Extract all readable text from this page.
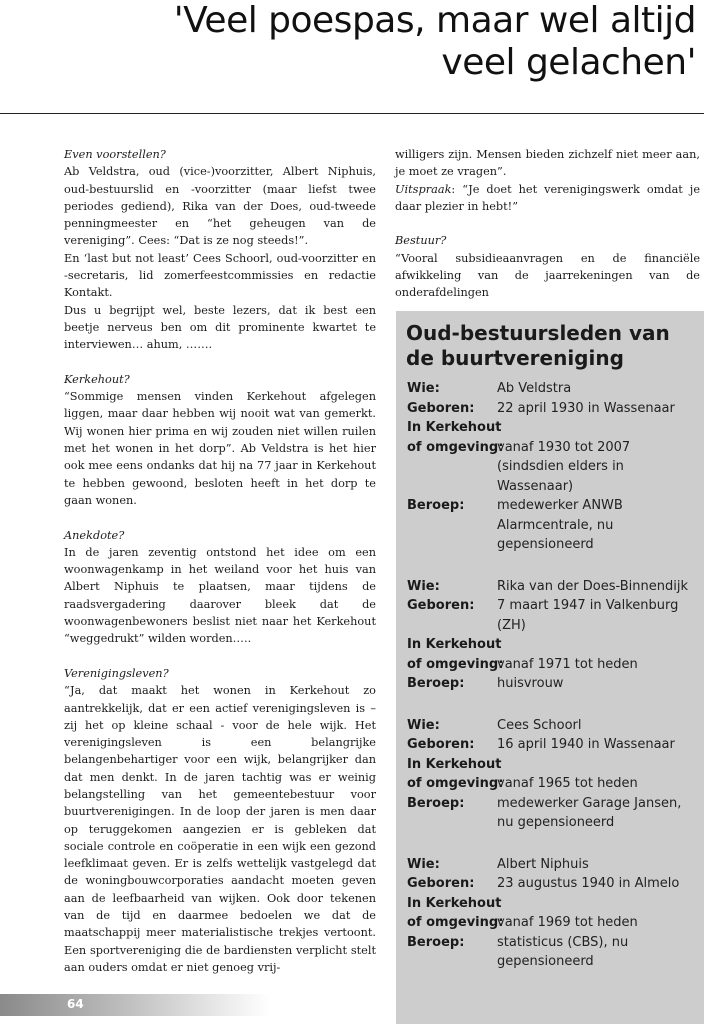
'Veel poespas, maar wel altijd
veel gelachen'

Even voorstellen?

Ab Veldstra, oud (vice-)voorzitter, Albert Niphuis, oud-bestuurslid en -voorzitter (maar liefst twee periodes gediend), Rika van der Does, oud-tweede penningmeester en “het geheugen van de vereniging”. Cees: “Dat is ze nog steeds!”.

En ‘last but not least’ Cees Schoorl, oud-voorzitter en -secretaris, lid zomerfeestcommissies en redactie Kontakt.

Dus u begrijpt wel, beste lezers, dat ik best een beetje nerveus ben om dit prominente kwartet te interviewen… ahum, …….

Kerkehout?

“Sommige mensen vinden Kerkehout afgelegen liggen, maar daar hebben wij nooit wat van gemerkt. Wij wonen hier prima en wij zouden niet willen ruilen met het wonen in het dorp”. Ab Veldstra is het hier ook mee eens ondanks dat hij na 77 jaar in Kerkehout te hebben gewoond, besloten heeft in het dorp te gaan wonen.

Anekdote?

In de jaren zeventig ontstond het idee om een woonwagenkamp in het weiland voor het huis van Albert Niphuis te plaatsen, maar tijdens de raadsvergadering daarover bleek dat de woonwagenbewoners beslist niet naar het Kerkehout “weggedrukt” wilden worden…..

Verenigingsleven?

“Ja, dat maakt het wonen in Kerkehout zo aantrekkelijk, dat er een actief verenigingsleven is – zij het op kleine schaal - voor de hele wijk. Het verenigingsleven is een belangrijke belangenbehartiger voor een wijk, belangrijker dan dat men denkt. In de jaren tachtig was er weinig belangstelling van het gemeentebestuur voor buurtverenigingen. In de loop der jaren is men daar op teruggekomen aangezien er is gebleken dat sociale controle en coöperatie in een wijk een gezond leefklimaat geven. Er is zelfs wettelijk vastgelegd dat de woningbouwcorporaties aandacht moeten geven aan de leefbaarheid van wijken. Ook door tekenen van de tijd en daarmee bedoelen we dat de maatschappij meer materialistische trekjes vertoont. Een sportvereniging die de bardiensten verplicht stelt aan ouders omdat er niet genoeg vrij-

willigers zijn. Mensen bieden zichzelf niet meer aan, je moet ze vragen”.

Uitspraak: “Je doet het verenigingswerk omdat je daar plezier in hebt!”

Bestuur?

“Vooral subsidieaanvragen en de financiële afwikkeling van de jaarrekeningen van de onderafdelingen

Oud-bestuursleden van de buurtvereniging
Wie:	Ab Veldstra
Geboren:	22 april 1930 in Wassenaar
In Kerkehout
of omgeving:
vanaf 1930 tot 2007 (sindsdien elders in Wassenaar)
Beroep:	medewerker ANWB Alarmcentrale, nu gepensioneerd
Wie:	Rika van der Does-Binnendijk
Geboren:	7 maart 1947 in Valkenburg (ZH)
In Kerkehout
of omgeving:
vanaf 1971 tot heden
Beroep:	huisvrouw
Wie:	Cees Schoorl
Geboren:	16 april 1940 in Wassenaar
In Kerkehout
of omgeving:
vanaf 1965 tot heden
Beroep:	medewerker Garage Jansen, nu gepensioneerd
Wie:	Albert Niphuis
Geboren:	23 augustus 1940 in Almelo
In Kerkehout
of omgeving:
vanaf 1969 tot heden
Beroep:	statisticus (CBS), nu gepensioneerd
64
